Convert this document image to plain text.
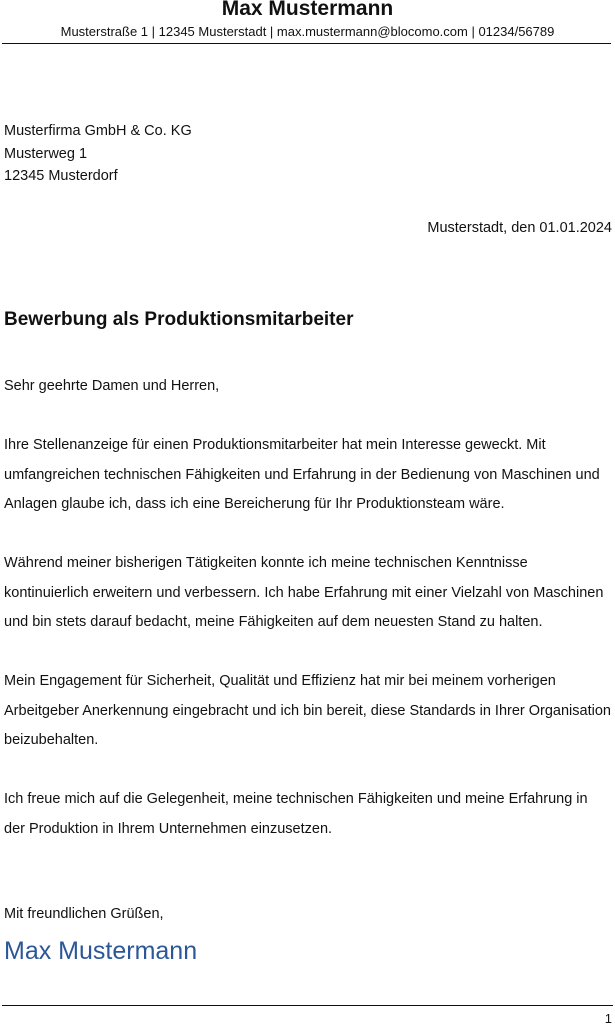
Max Mustermann
Musterstraße 1 | 12345 Musterstadt | max.mustermann@blocomo.com | 01234/56789
Musterfirma GmbH & Co. KG
Musterweg 1
12345 Musterdorf
Musterstadt, den 01.01.2024
Bewerbung als Produktionsmitarbeiter

Sehr geehrte Damen und Herren,

Ihre Stellenanzeige für einen Produktionsmitarbeiter hat mein Interesse geweckt. Mit umfangreichen technischen Fähigkeiten und Erfahrung in der Bedienung von Maschinen und Anlagen glaube ich, dass ich eine Bereicherung für Ihr Produktionsteam wäre.

Während meiner bisherigen Tätigkeiten konnte ich meine technischen Kenntnisse kontinuierlich erweitern und verbessern. Ich habe Erfahrung mit einer Vielzahl von Maschinen und bin stets darauf bedacht, meine Fähigkeiten auf dem neuesten Stand zu halten.

Mein Engagement für Sicherheit, Qualität und Effizienz hat mir bei meinem vorherigen Arbeitgeber Anerkennung eingebracht und ich bin bereit, diese Standards in Ihrer Organisation beizubehalten.

Ich freue mich auf die Gelegenheit, meine technischen Fähigkeiten und meine Erfahrung in der Produktion in Ihrem Unternehmen einzusetzen.

Mit freundlichen Grüßen,
Max Mustermann
1
